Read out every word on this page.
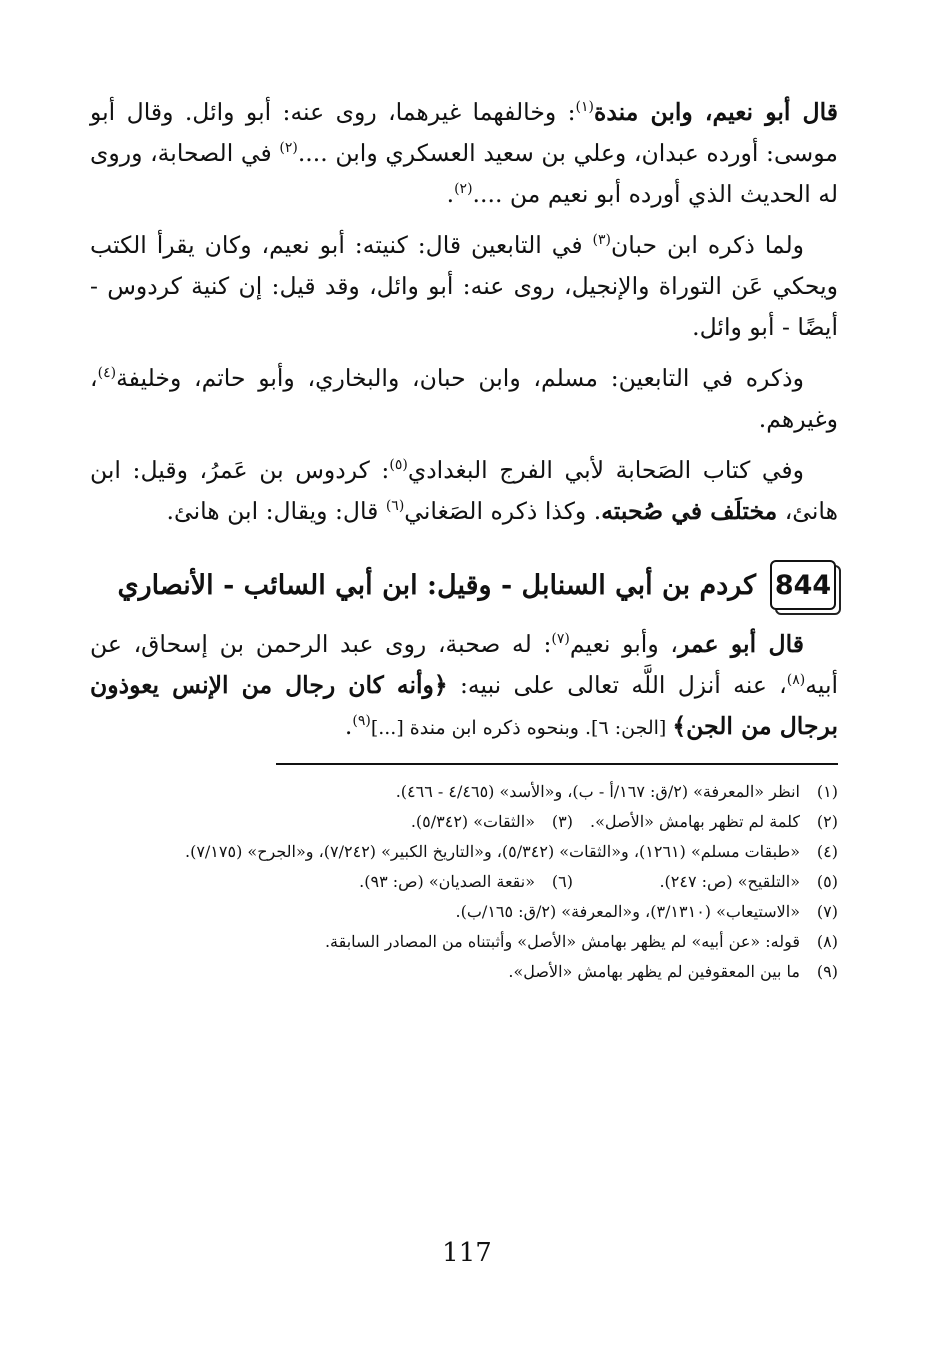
قال أبو نعيم، وابن مندة$^{(١)}$: وخالفهما غيرهما، روى عنه: أبو وائل. وقال أبو موسى: أورده عبدان، وعلي بن سعيد العسكري وابن ....$^{(٢)}$ في الصحابة، وروى له الحديث الذي أورده أبو نعيم من ....$^{(٢)}$.

ولما ذكره ابن حبان$^{(٣)}$ في التابعين قال: كنيته: أبو نعيم، وكان يقرأ الكتب ويحكي عَن التوراة والإنجيل، روى عنه: أبو وائل، وقد قيل: إن كنية كردوس - أيضًا - أبو وائل.

وذكره في التابعين: مسلم، وابن حبان، والبخاري، وأبو حاتم، وخليفة$^{(٤)}$، وغيرهم.

وفي كتاب الصَحابة لأبي الفرج البغدادي$^{(٥)}$: كردوس بن عَمرُ، وقيل: ابن هانئ، مختلَف في صُحبته. وكذا ذكره الصَغاني$^{(٦)}$ قال: ويقال: ابن هانئ.

844
كردم بن أبي السنابل - وقيل: ابن أبي السائب - الأنصاري

قال أبو عمر، وأبو نعيم$^{(٧)}$: له صحبة، روى عبد الرحمن بن إسحاق، عن أبيه$^{(٨)}$، عنه أنزل اللَّه تعالى على نبيه: ﴿وأنه كان رجال من الإنس يعوذون برجال من الجن﴾ [الجن: ٦]. وبنحوه ذكره ابن مندة [...]$^{(٩)}$.

(١)
انظر «المعرفة» (٢/ق: ١٦٧/أ - ب)، و«الأسد» (٤/٤٦٥ - ٤٦٦).
(٢)
كلمة لم تظهر بهامش «الأصل».
(٣)
«الثقات» (٥/٣٤٢).
(٤)
«طبقات مسلم» (١٢٦١)، و«الثقات» (٥/٣٤٢)، و«التاريخ الكبير» (٧/٢٤٢)، و«الجرح» (٧/١٧٥).
(٥)
«التلقيح» (ص: ٢٤٧).
(٦)
«نقعة الصديان» (ص: ٩٣).
(٧)
«الاستيعاب» (٣/١٣١٠)، و«المعرفة» (٢/ق: ١٦٥/ب).
(٨)
قوله: «عن أبيه» لم يظهر بهامش «الأصل» وأثبتناه من المصادر السابقة.
(٩)
ما بين المعقوفين لم يظهر بهامش «الأصل».
117
